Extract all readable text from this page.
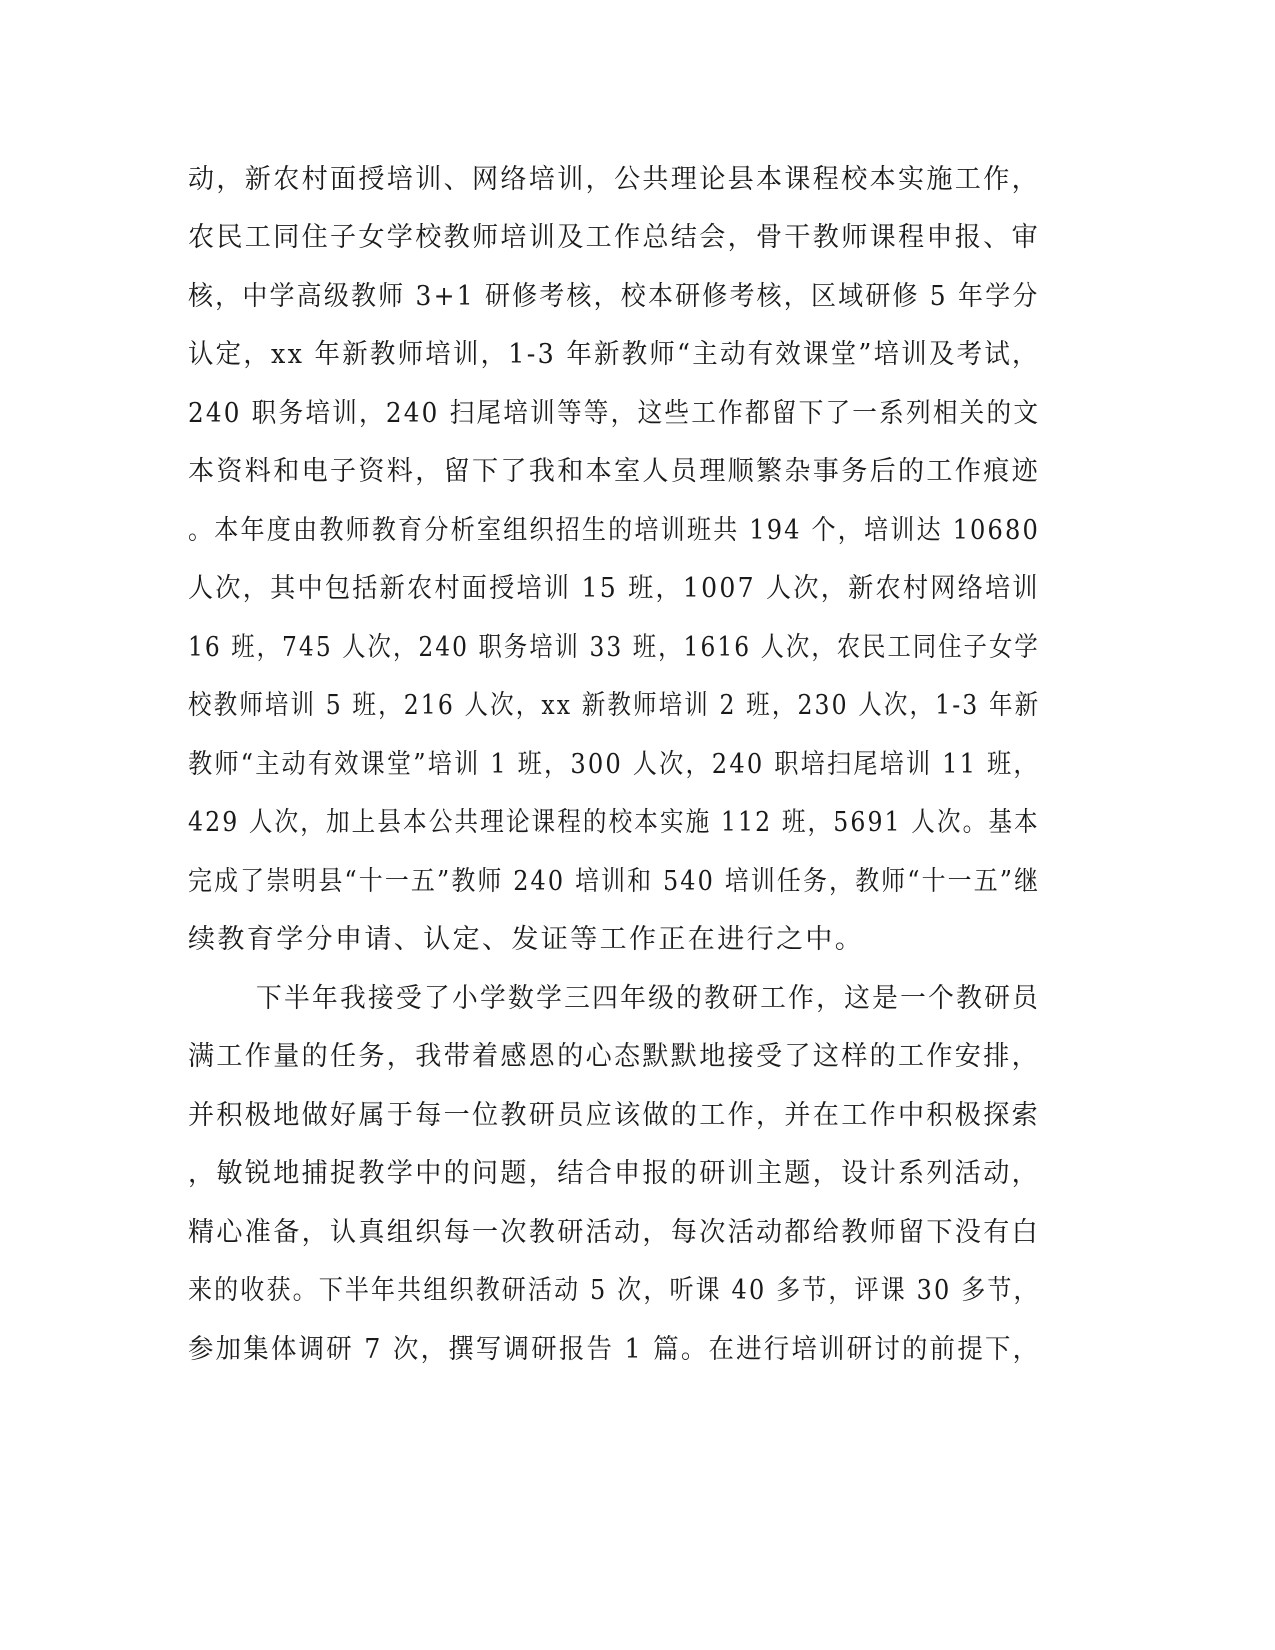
动，新农村面授培训、网络培训，公共理论县本课程校本实施工作，
农民工同住子女学校教师培训及工作总结会，骨干教师课程申报、审
核，中学高级教师 3+1 研修考核，校本研修考核，区域研修 5 年学分
认定，xx 年新教师培训，1-3 年新教师“主动有效课堂”培训及考试，
240 职务培训，240 扫尾培训等等，这些工作都留下了一系列相关的文
本资料和电子资料，留下了我和本室人员理顺繁杂事务后的工作痕迹
。本年度由教师教育分析室组织招生的培训班共 194 个，培训达 10680
人次，其中包括新农村面授培训 15 班，1007 人次，新农村网络培训
16 班，745 人次，240 职务培训 33 班，1616 人次，农民工同住子女学
校教师培训 5 班，216 人次，xx 新教师培训 2 班，230 人次，1-3 年新
教师“主动有效课堂”培训 1 班，300 人次，240 职培扫尾培训 11 班，
429 人次，加上县本公共理论课程的校本实施 112 班，5691 人次。基本
完成了崇明县“十一五”教师 240 培训和 540 培训任务，教师“十一五”继
续教育学分申请、认定、发证等工作正在进行之中。
下半年我接受了小学数学三四年级的教研工作，这是一个教研员
满工作量的任务，我带着感恩的心态默默地接受了这样的工作安排，
并积极地做好属于每一位教研员应该做的工作，并在工作中积极探索
，敏锐地捕捉教学中的问题，结合申报的研训主题，设计系列活动，
精心准备，认真组织每一次教研活动，每次活动都给教师留下没有白
来的收获。下半年共组织教研活动 5 次，听课 40 多节，评课 30 多节，
参加集体调研 7 次，撰写调研报告 1 篇。在进行培训研讨的前提下，
